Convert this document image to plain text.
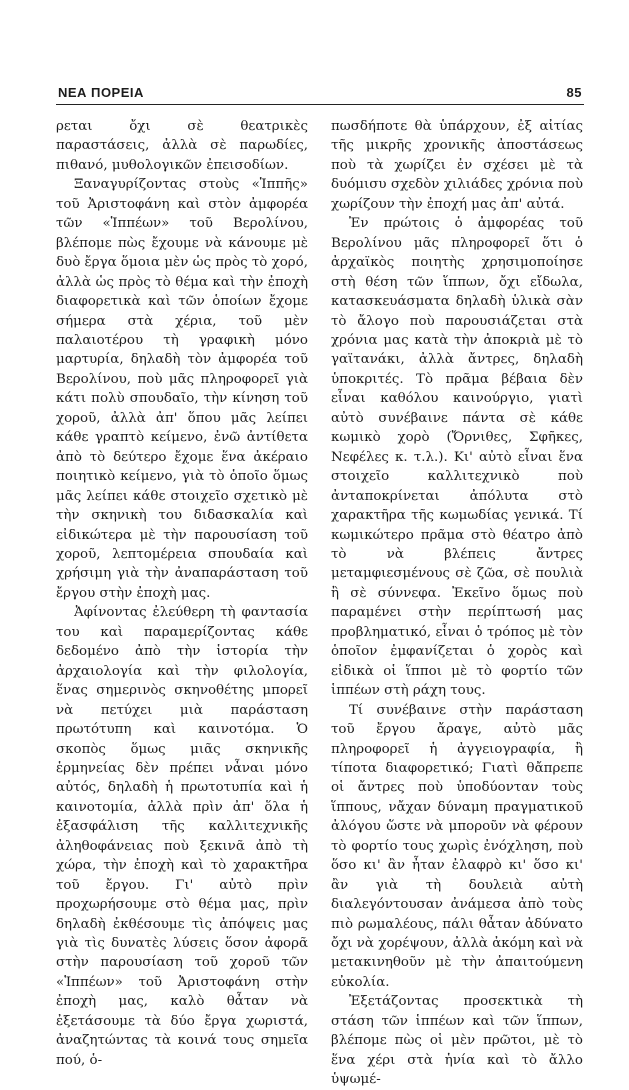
ΝΕΑ ΠΟΡΕΙΑ	85

ρεται ὄχι σὲ θεατρικὲς παραστάσεις, ἀλλὰ σὲ παρωδίες, πιθανό, μυθολογικῶν ἐπεισοδίων.

Ξαναγυρίζοντας στοὺς «Ἱππῆς» τοῦ Ἀριστοφάνη καὶ στὸν ἀμφορέα τῶν «Ἱππέων» τοῦ Βερολίνου, βλέπομε πὼς ἔχουμε νὰ κάνουμε μὲ δυὸ ἔργα ὅμοια μὲν ὡς πρὸς τὸ χορό, ἀλλὰ ὡς πρὸς τὸ θέμα καὶ τὴν ἐποχὴ διαφορετικὰ καὶ τῶν ὁποίων ἔχομε σήμερα στὰ χέρια, τοῦ μὲν παλαιοτέρου τὴ γραφικὴ μόνο μαρτυρία, δηλαδὴ τὸν ἀμφορέα τοῦ Βερολίνου, ποὺ μᾶς πληροφορεῖ γιὰ κάτι πολὺ σπουδαῖο, τὴν κίνηση τοῦ χοροῦ, ἀλλὰ ἀπ' ὅπου μᾶς λείπει κάθε γραπτὸ κείμενο, ἐνῶ ἀντίθετα ἀπὸ τὸ δεύτερο ἔχομε ἕνα ἀκέραιο ποιητικὸ κείμενο, γιὰ τὸ ὁποῖο ὅμως μᾶς λείπει κάθε στοιχεῖο σχετικὸ μὲ τὴν σκηνικὴ του διδασκαλία καὶ εἰδικώτερα μὲ τὴν παρουσίαση τοῦ χοροῦ, λεπτομέρεια σπουδαία καὶ χρήσιμη γιὰ τὴν ἀναπαράσταση τοῦ ἔργου στὴν ἐποχὴ μας.

Ἀφίνοντας ἐλεύθερη τὴ φαντασία του καὶ παραμερίζοντας κάθε δεδομένο ἀπὸ τὴν ἱστορία τὴν ἀρχαιολογία καὶ τὴν φιλολογία, ἕνας σημερινὸς σκηνοθέτης μπορεῖ νὰ πετύχει μιὰ παράσταση πρωτότυπη καὶ καινοτόμα. Ὁ σκοπὸς ὅμως μιᾶς σκηνικῆς ἑρμηνείας δὲν πρέπει νἆναι μόνο αὐτός, δηλαδὴ ἡ πρωτοτυπία καὶ ἡ καινοτομία, ἀλλὰ πρὶν ἀπ' ὅλα ἡ ἐξασφάλιση τῆς καλλιτεχνικῆς ἀληθοφάνειας ποὺ ξεκινᾶ ἀπὸ τὴ χώρα, τὴν ἐποχὴ καὶ τὸ χαρακτῆρα τοῦ ἔργου. Γι' αὐτὸ πρὶν προχωρήσουμε στὸ θέμα μας, πρὶν δηλαδὴ ἐκθέσουμε τὶς ἀπόψεις μας γιὰ τὶς δυνατὲς λύσεις ὅσον ἀφορᾶ στὴν παρουσίαση τοῦ χοροῦ τῶν «Ἱππέων» τοῦ Ἀριστοφάνη στὴν ἐποχὴ μας, καλὸ θἆταν νὰ ἐξετάσουμε τὰ δύο ἔργα χωριστά, ἀναζητώντας τὰ κοινά τους σημεῖα πού, ὁ-

πωσδήποτε θὰ ὑπάρχουν, ἐξ αἰτίας τῆς μικρῆς χρονικῆς ἀποστάσεως ποὺ τὰ χωρίζει ἐν σχέσει μὲ τὰ δυόμισυ σχεδὸν χιλιάδες χρόνια ποὺ χωρίζουν τὴν ἐποχή μας ἀπ' αὐτά.

Ἐν πρώτοις ὁ ἀμφορέας τοῦ Βερολίνου μᾶς πληροφορεῖ ὅτι ὁ ἀρχαϊκὸς ποιητὴς χρησιμοποίησε στὴ θέση τῶν ἵππων, ὄχι εἴδωλα, κατασκευάσματα δηλαδὴ ὑλικὰ σὰν τὸ ἄλογο ποὺ παρουσιάζεται στὰ χρόνια μας κατὰ τὴν ἀποκριὰ μὲ τὸ γαϊτανάκι, ἀλλὰ ἄντρες, δηλαδὴ ὑποκριτές. Τὸ πρᾶμα βέβαια δὲν εἶναι καθόλου καινούργιο, γιατὶ αὐτὸ συνέβαινε πάντα σὲ κάθε κωμικὸ χορὸ (Ὄρνιθες, Σφῆκες, Νεφέλες κ. τ.λ.). Κι' αὐτὸ εἶναι ἕνα στοιχεῖο καλλιτεχνικὸ ποὺ ἀνταποκρίνεται ἀπόλυτα στὸ χαρακτῆρα τῆς κωμωδίας γενικά. Τί κωμικώτερο πρᾶμα στὸ θέατρο ἀπὸ τὸ νὰ βλέπεις ἄντρες μεταμφιεσμένους σὲ ζῶα, σὲ πουλιὰ ἢ σὲ σύννεφα. Ἐκεῖνο ὅμως ποὺ παραμένει στὴν περίπτωσή μας προβληματικό, εἶναι ὁ τρόπος μὲ τὸν ὁποῖον ἐμφανίζεται ὁ χορὸς καὶ εἰδικὰ οἱ ἵπποι μὲ τὸ φορτίο τῶν ἱππέων στὴ ράχη τους.

Τί συνέβαινε στὴν παράσταση τοῦ ἔργου ἄραγε, αὐτὸ μᾶς πληροφορεῖ ἡ ἀγγειογραφία, ἢ τίποτα διαφορετικό; Γιατὶ θἄπρεπε οἱ ἄντρες ποὺ ὑποδύονταν τοὺς ἵππους, νἄχαν δύναμη πραγματικοῦ ἀλόγου ὥστε νὰ μποροῦν νὰ φέρουν τὸ φορτίο τους χωρὶς ἐνόχληση, ποὺ ὅσο κι' ἂν ἦταν ἐλαφρὸ κι' ὅσο κι' ἂν γιὰ τὴ δουλειὰ αὐτὴ διαλεγόντουσαν ἀνάμεσα ἀπὸ τοὺς πιὸ ρωμαλέους, πάλι θἆταν ἀδύνατο ὄχι νὰ χορέψουν, ἀλλὰ ἀκόμη καὶ νὰ μετακινηθοῦν μὲ τὴν ἀπαιτούμενη εὐκολία.

Ἐξετάζοντας προσεκτικὰ τὴ στάση τῶν ἱππέων καὶ τῶν ἵππων, βλέπομε πὼς οἱ μὲν πρῶτοι, μὲ τὸ ἕνα χέρι στὰ ἡνία καὶ τὸ ἄλλο ὑψωμέ-
